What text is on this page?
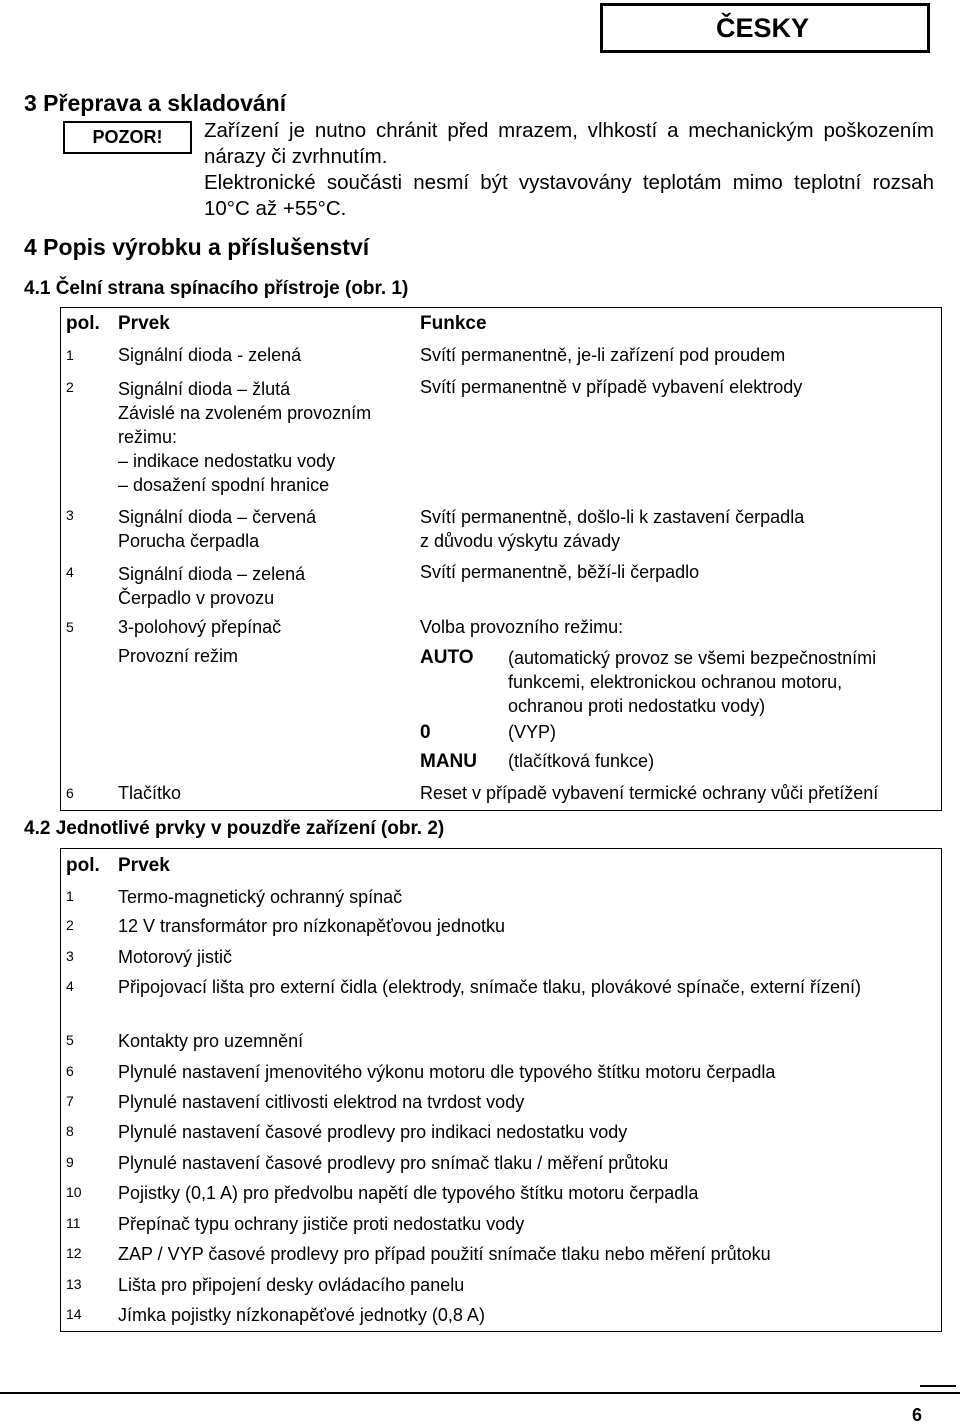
ČESKY
3 Přeprava a skladování
POZOR!	Zařízení je nutno chránit před mrazem, vlhkostí a mechanickým poškozením nárazy či zvrhnutím.

Elektronické součásti nesmí být vystavovány teplotám mimo teplotní rozsah 10°C až +55°C.

4 Popis výrobku a příslušenství
4.1 Čelní strana spínacího přístroje (obr. 1)
pol.	Prvek	Funkce
1	Signální dioda - zelená	Svítí permanentně, je-li zařízení pod proudem

2	Signální dioda – žlutá
Závislé na zvoleném provozním
režimu:
– indikace nedostatku vody
– dosažení spodní hranice	Svítí permanentně v případě vybavení elektrody

3	Signální dioda – červená
Porucha čerpadla	Svítí permanentně, došlo-li k zastavení čerpadla
z důvodu výskytu závady

4	Signální dioda – zelená
Čerpadlo v provozu	Svítí permanentně, běží-li čerpadlo

5	3-polohový přepínač	Volba provozního režimu:

	Provozní režim	AUTO (automatický provoz se všemi bezpečnostními
funkcemi, elektronickou ochranou motoru,
ochranou proti nedostatku vody)

		0 (VYP)

		MANU (tlačítková funkce)

6	Tlačítko	Reset v případě vybavení termické ochrany vůči přetížení
4.2 Jednotlivé prvky v pouzdře zařízení (obr. 2)
pol.	Prvek
1	Termo-magnetický ochranný spínač
2	12 V transformátor pro nízkonapěťovou jednotku
3	Motorový jistič
4	Připojovací lišta pro externí čidla (elektrody, snímače tlaku, plovákové spínače, externí řízení)
5	Kontakty pro uzemnění
6	Plynulé nastavení jmenovitého výkonu motoru dle typového štítku motoru čerpadla
7	Plynulé nastavení citlivosti elektrod na tvrdost vody
8	Plynulé nastavení časové prodlevy pro indikaci nedostatku vody
9	Plynulé nastavení časové prodlevy pro snímač tlaku / měření průtoku
10	Pojistky (0,1 A) pro předvolbu napětí dle typového štítku motoru čerpadla
11	Přepínač typu ochrany jističe proti nedostatku vody
12	ZAP / VYP časové prodlevy pro případ použití snímače tlaku nebo měření průtoku
13	Lišta pro připojení desky ovládacího panelu
14	Jímka pojistky nízkonapěťové jednotky (0,8 A)
6
